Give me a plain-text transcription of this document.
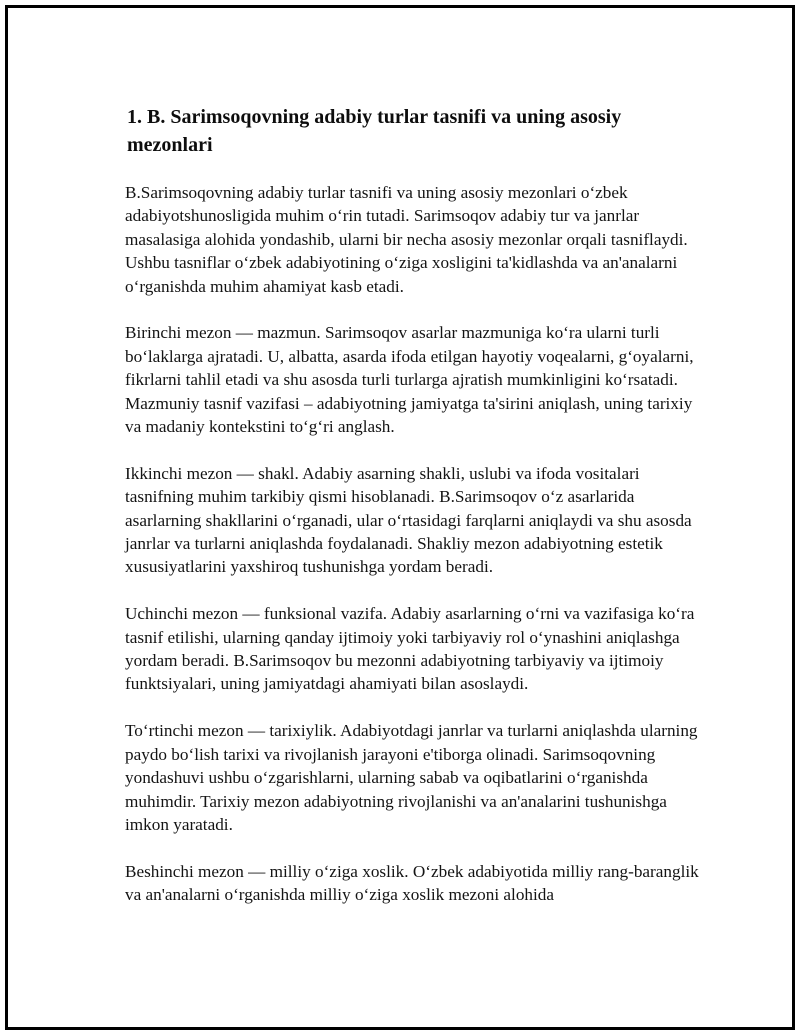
1. B. Sarimsoqovning adabiy turlar tasnifi va uning asosiy mezonlari

B.Sarimsoqovning adabiy turlar tasnifi va uning asosiy mezonlari o‘zbek adabiyotshunosligida muhim o‘rin tutadi. Sarimsoqov adabiy tur va janrlar masalasiga alohida yondashib, ularni bir necha asosiy mezonlar orqali tasniflaydi. Ushbu tasniflar o‘zbek adabiyotining o‘ziga xosligini ta'kidlashda va an'analarni o‘rganishda muhim ahamiyat kasb etadi.

Birinchi mezon — mazmun. Sarimsoqov asarlar mazmuniga ko‘ra ularni turli bo‘laklarga ajratadi. U, albatta, asarda ifoda etilgan hayotiy voqealarni, g‘oyalarni, fikrlarni tahlil etadi va shu asosda turli turlarga ajratish mumkinligini ko‘rsatadi. Mazmuniy tasnif vazifasi – adabiyotning jamiyatga ta'sirini aniqlash, uning tarixiy va madaniy kontekstini to‘g‘ri anglash.

Ikkinchi mezon — shakl. Adabiy asarning shakli, uslubi va ifoda vositalari tasnifning muhim tarkibiy qismi hisoblanadi. B.Sarimsoqov o‘z asarlarida asarlarning shakllarini o‘rganadi, ular o‘rtasidagi farqlarni aniqlaydi va shu asosda janrlar va turlarni aniqlashda foydalanadi. Shakliy mezon adabiyotning estetik xususiyatlarini yaxshiroq tushunishga yordam beradi.

Uchinchi mezon — funksional vazifa. Adabiy asarlarning o‘rni va vazifasiga ko‘ra tasnif etilishi, ularning qanday ijtimoiy yoki tarbiyaviy rol o‘ynashini aniqlashga yordam beradi. B.Sarimsoqov bu mezonni adabiyotning tarbiyaviy va ijtimoiy funktsiyalari, uning jamiyatdagi ahamiyati bilan asoslaydi.

To‘rtinchi mezon — tarixiylik. Adabiyotdagi janrlar va turlarni aniqlashda ularning paydo bo‘lish tarixi va rivojlanish jarayoni e'tiborga olinadi. Sarimsoqovning yondashuvi ushbu o‘zgarishlarni, ularning sabab va oqibatlarini o‘rganishda muhimdir. Tarixiy mezon adabiyotning rivojlanishi va an'analarini tushunishga imkon yaratadi.

Beshinchi mezon — milliy o‘ziga xoslik. O‘zbek adabiyotida milliy rang-baranglik va an'analarni o‘rganishda milliy o‘ziga xoslik mezoni alohida
